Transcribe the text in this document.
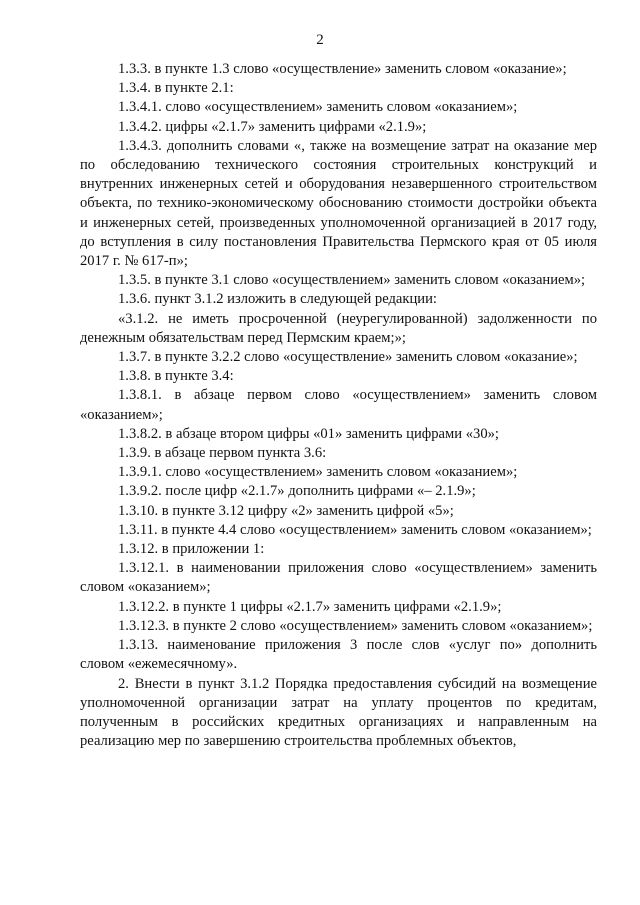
2

1.3.3. в пункте 1.3 слово «осуществление» заменить словом «оказание»;

1.3.4. в пункте 2.1:

1.3.4.1. слово «осуществлением» заменить словом «оказанием»;

1.3.4.2. цифры «2.1.7» заменить цифрами «2.1.9»;

1.3.4.3. дополнить словами «, также на возмещение затрат на оказание мер по обследованию технического состояния строительных конструкций и внутренних инженерных сетей и оборудования незавершенного строительством объекта, по технико-экономическому обоснованию стоимости достройки объекта и инженерных сетей, произведенных уполномоченной организацией в 2017 году, до вступления в силу постановления Правительства Пермского края от 05 июля 2017 г. № 617-п»;

1.3.5. в пункте 3.1 слово «осуществлением» заменить словом «оказанием»;

1.3.6. пункт 3.1.2 изложить в следующей редакции:

«3.1.2. не иметь просроченной (неурегулированной) задолженности по денежным обязательствам перед Пермским краем;»;

1.3.7. в пункте 3.2.2 слово «осуществление» заменить словом «оказание»;

1.3.8. в пункте 3.4:

1.3.8.1. в абзаце первом слово «осуществлением» заменить словом «оказанием»;

1.3.8.2. в абзаце втором цифры «01» заменить цифрами «30»;

1.3.9. в абзаце первом пункта 3.6:

1.3.9.1. слово «осуществлением» заменить словом «оказанием»;

1.3.9.2. после цифр «2.1.7» дополнить цифрами «– 2.1.9»;

1.3.10. в пункте 3.12 цифру «2» заменить цифрой «5»;

1.3.11. в пункте 4.4 слово «осуществлением» заменить словом «оказанием»;

1.3.12. в приложении 1:

1.3.12.1. в наименовании приложения слово «осуществлением» заменить словом «оказанием»;

1.3.12.2. в пункте 1 цифры «2.1.7» заменить цифрами «2.1.9»;

1.3.12.3. в пункте 2 слово «осуществлением» заменить словом «оказанием»;

1.3.13. наименование приложения 3 после слов «услуг по» дополнить словом «ежемесячному».

2. Внести в пункт 3.1.2 Порядка предоставления субсидий на возмещение уполномоченной организации затрат на уплату процентов по кредитам, полученным в российских кредитных организациях и направленным на реализацию мер по завершению строительства проблемных объектов,
